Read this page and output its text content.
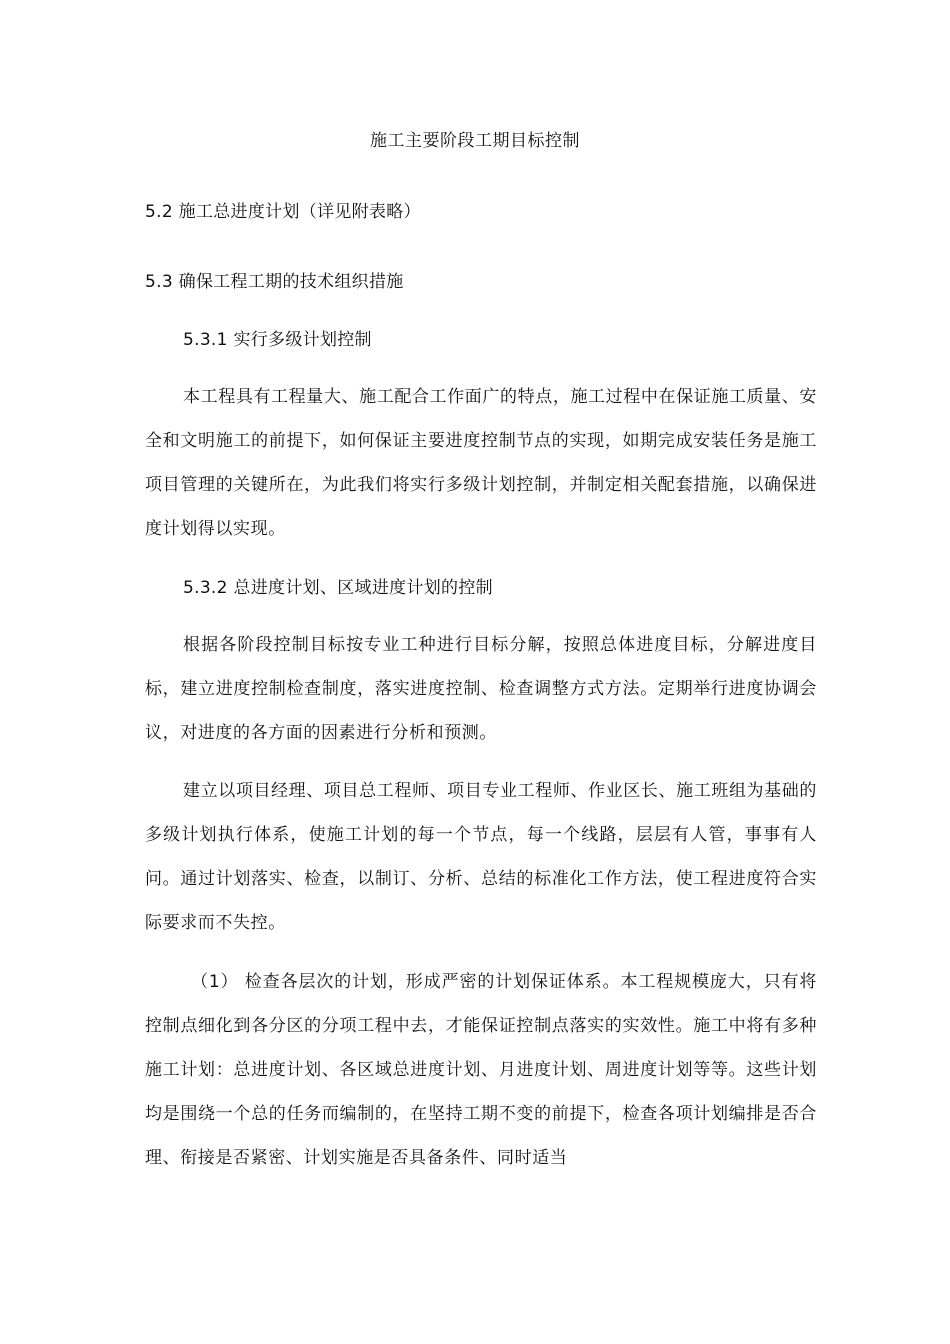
施工主要阶段工期目标控制
5.2 施工总进度计划（详见附表略）
5.3 确保工程工期的技术组织措施
5.3.1 实行多级计划控制
本工程具有工程量大、施工配合工作面广的特点，施工过程中在保证施工质量、安全和文明施工的前提下，如何保证主要进度控制节点的实现，如期完成安装任务是施工项目管理的关键所在，为此我们将实行多级计划控制，并制定相关配套措施，以确保进度计划得以实现。
5.3.2 总进度计划、区域进度计划的控制
根据各阶段控制目标按专业工种进行目标分解，按照总体进度目标，分解进度目标，建立进度控制检查制度，落实进度控制、检查调整方式方法。定期举行进度协调会议，对进度的各方面的因素进行分析和预测。
建立以项目经理、项目总工程师、项目专业工程师、作业区长、施工班组为基础的多级计划执行体系，使施工计划的每一个节点，每一个线路，层层有人管，事事有人问。通过计划落实、检查，以制订、分析、总结的标准化工作方法，使工程进度符合实际要求而不失控。
（1） 检查各层次的计划，形成严密的计划保证体系。本工程规模庞大，只有将控制点细化到各分区的分项工程中去，才能保证控制点落实的实效性。施工中将有多种施工计划：总进度计划、各区域总进度计划、月进度计划、周进度计划等等。这些计划均是围绕一个总的任务而编制的，在坚持工期不变的前提下，检查各项计划编排是否合理、衔接是否紧密、计划实施是否具备条件、同时适当
